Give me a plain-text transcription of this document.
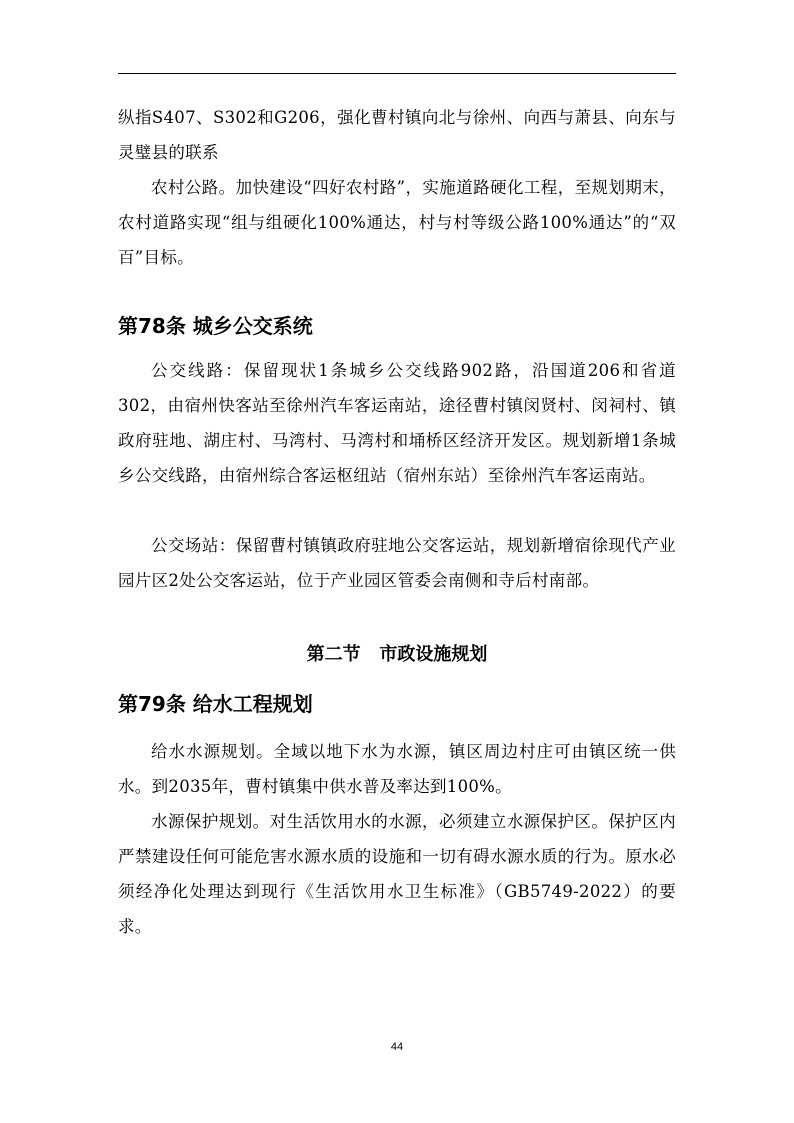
纵指S407、S302和G206，强化曹村镇向北与徐州、向西与萧县、向东与灵璧县的联系

农村公路。加快建设“四好农村路”，实施道路硬化工程，至规划期末，农村道路实现“组与组硬化100%通达，村与村等级公路100%通达”的“双百”目标。

第78条 城乡公交系统

公交线路：保留现状1条城乡公交线路902路，沿国道206和省道302，由宿州快客站至徐州汽车客运南站，途径曹村镇闵贤村、闵祠村、镇政府驻地、湖庄村、马湾村、马湾村和埇桥区经济开发区。规划新增1条城乡公交线路，由宿州综合客运枢纽站（宿州东站）至徐州汽车客运南站。

公交场站：保留曹村镇镇政府驻地公交客运站，规划新增宿徐现代产业园片区2处公交客运站，位于产业园区管委会南侧和寺后村南部。

第二节   市政设施规划
第79条 给水工程规划

给水水源规划。全域以地下水为水源，镇区周边村庄可由镇区统一供水。到2035年，曹村镇集中供水普及率达到100%。

水源保护规划。对生活饮用水的水源，必须建立水源保护区。保护区内严禁建设任何可能危害水源水质的设施和一切有碍水源水质的行为。原水必须经净化处理达到现行《生活饮用水卫生标准》（GB5749-2022）的要求。

44
